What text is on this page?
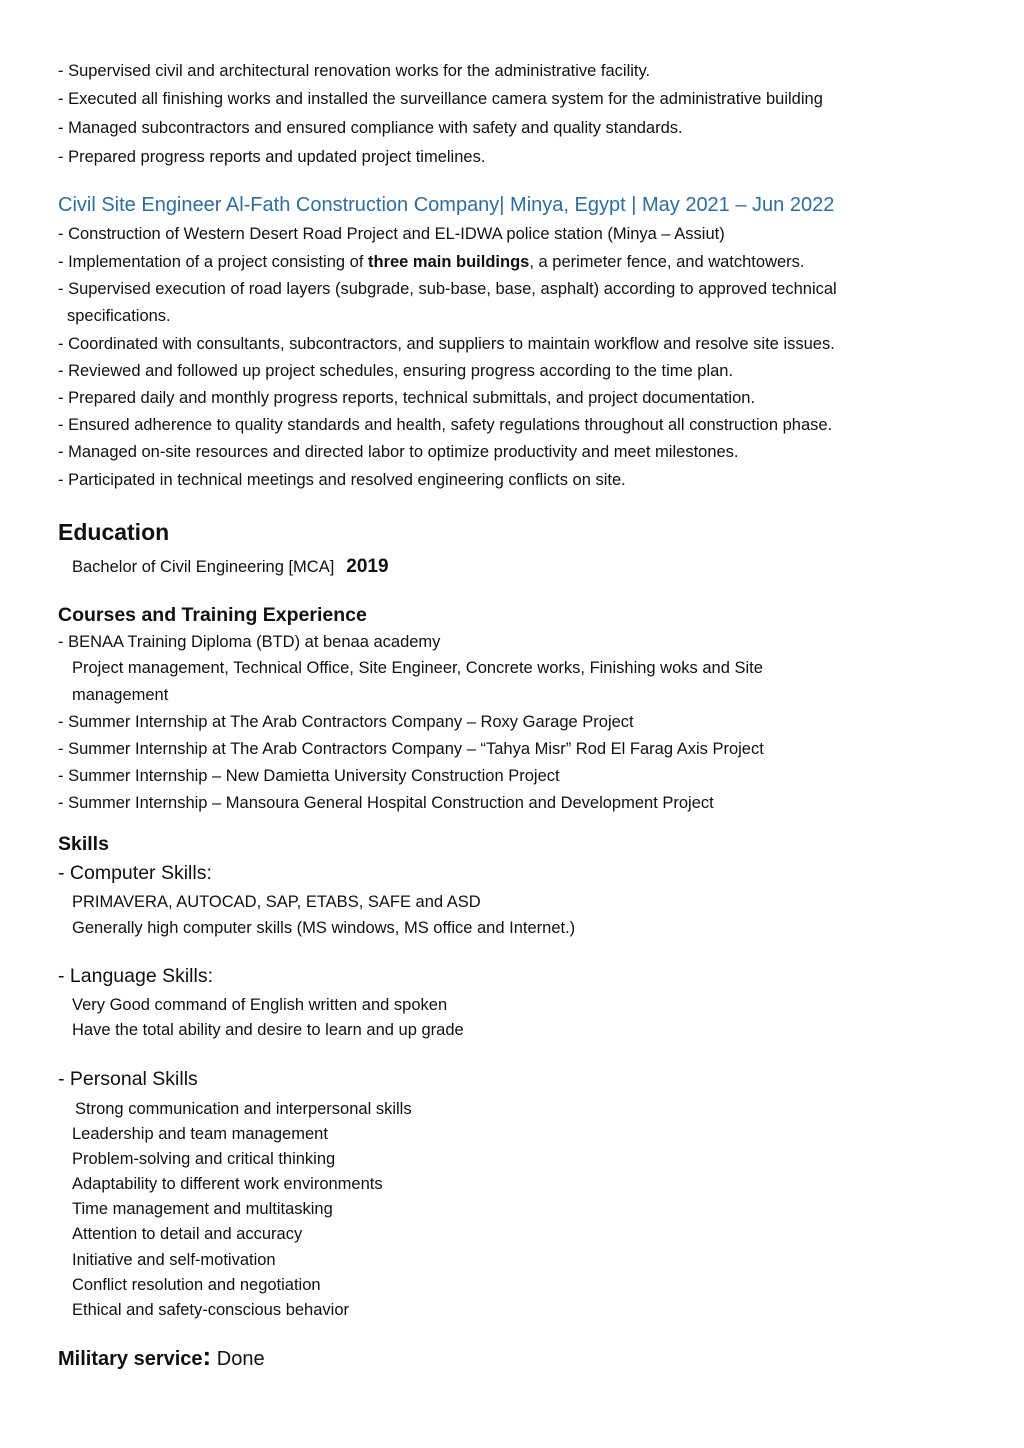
- Supervised civil and architectural renovation works for the administrative facility.
- Executed all finishing works and installed the surveillance camera system for the administrative building
- Managed subcontractors and ensured compliance with safety and quality standards.
- Prepared progress reports and updated project timelines.
Civil Site Engineer Al-Fath Construction Company| Minya, Egypt | May 2021 – Jun 2022
- Construction of Western Desert Road Project and EL-IDWA police station (Minya – Assiut)
- Implementation of a project consisting of three main buildings, a perimeter fence, and watchtowers.
- Supervised execution of road layers (subgrade, sub-base, base, asphalt) according to approved technical
specifications.
- Coordinated with consultants, subcontractors, and suppliers to maintain workflow and resolve site issues.
- Reviewed and followed up project schedules, ensuring progress according to the time plan.
- Prepared daily and monthly progress reports, technical submittals, and project documentation.
- Ensured adherence to quality standards and health, safety regulations throughout all construction phase.
- Managed on-site resources and directed labor to optimize productivity and meet milestones.
- Participated in technical meetings and resolved engineering conflicts on site.
Education
Bachelor of Civil Engineering [MCA] 2019
Courses and Training Experience
- BENAA Training Diploma (BTD) at benaa academy
Project management, Technical Office, Site Engineer, Concrete works, Finishing woks and Site
management
- Summer Internship at The Arab Contractors Company – Roxy Garage Project
- Summer Internship at The Arab Contractors Company – “Tahya Misr” Rod El Farag Axis Project
- Summer Internship – New Damietta University Construction Project
- Summer Internship – Mansoura General Hospital Construction and Development Project
Skills
- Computer Skills:
PRIMAVERA, AUTOCAD, SAP, ETABS, SAFE and ASD
Generally high computer skills (MS windows, MS office and Internet.)
- Language Skills:
Very Good command of English written and spoken
Have the total ability and desire to learn and up grade
- Personal Skills
Strong communication and interpersonal skills
Leadership and team management
Problem-solving and critical thinking
Adaptability to different work environments
Time management and multitasking
Attention to detail and accuracy
Initiative and self-motivation
Conflict resolution and negotiation
Ethical and safety-conscious behavior
Military service: Done
